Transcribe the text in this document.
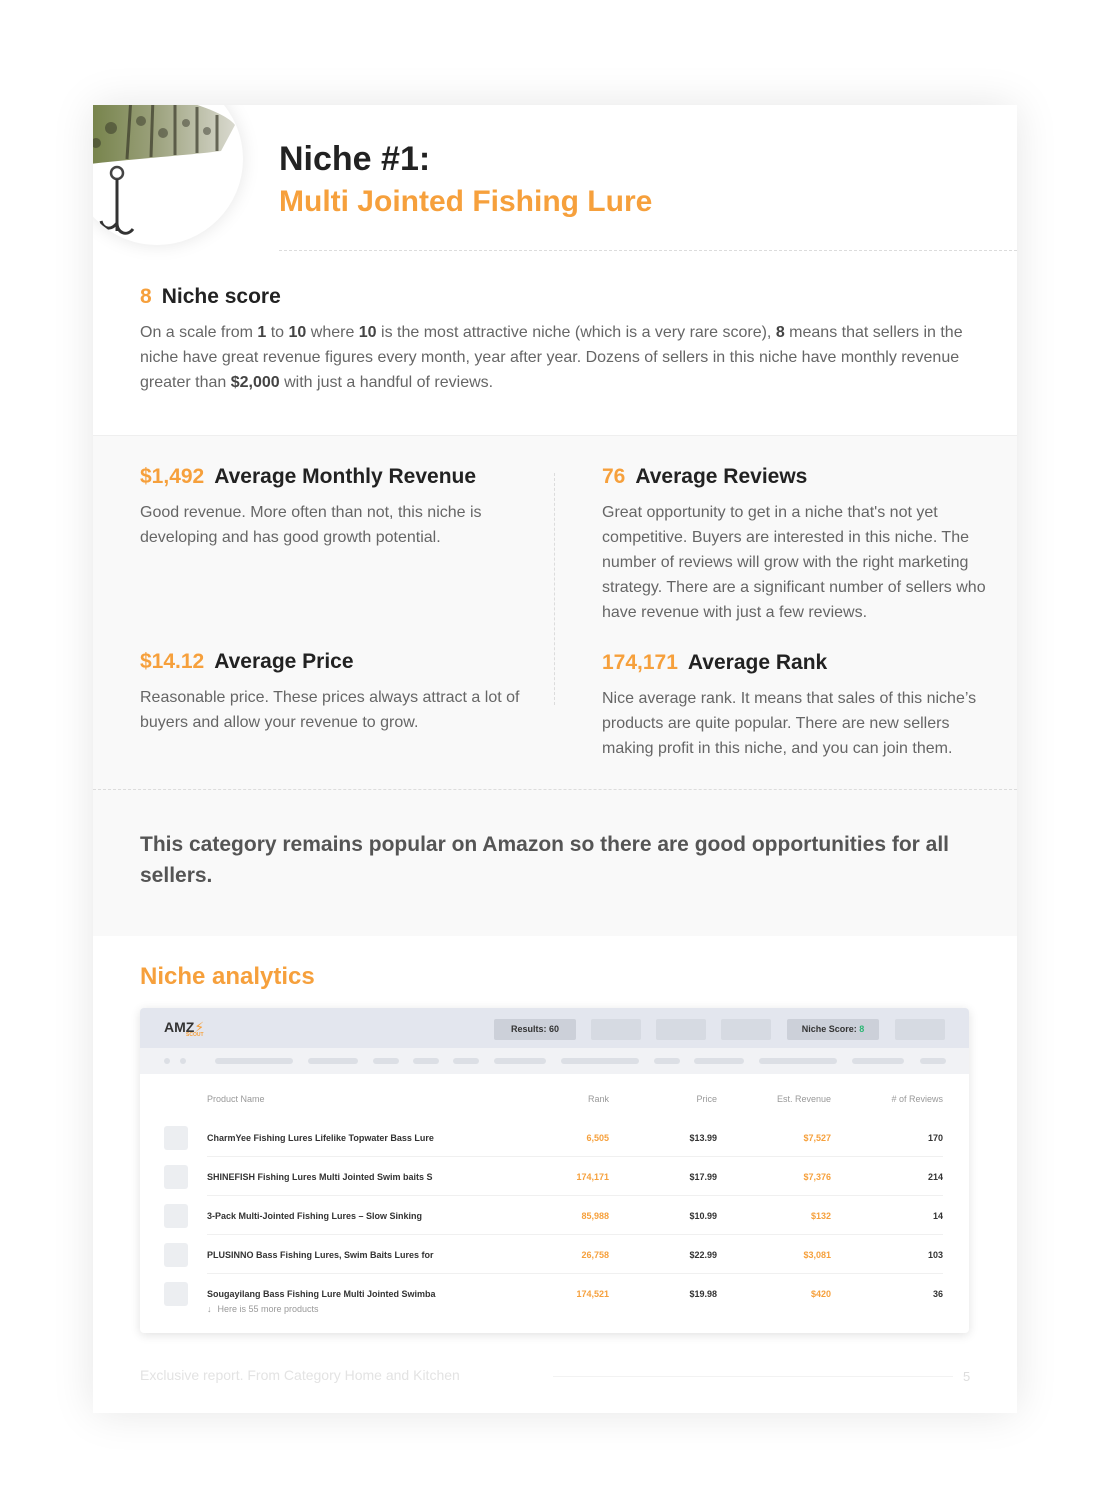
Niche #1:
Multi Jointed Fishing Lure
8 Niche score
On a scale from 1 to 10 where 10 is the most attractive niche (which is a very rare score), 8 means that sellers in the niche have great revenue figures every month, year after year. Dozens of sellers in this niche have monthly revenue greater than $2,000 with just a handful of reviews.
$1,492 Average Monthly Revenue
Good revenue. More often than not, this niche is developing and has good growth potential.
76 Average Reviews
Great opportunity to get in a niche that's not yet competitive. Buyers are interested in this niche. The number of reviews will grow with the right marketing strategy. There are a significant number of sellers who have revenue with just a few reviews.
$14.12 Average Price
Reasonable price. These prices always attract a lot of buyers and allow your revenue to grow.
174,171 Average Rank
Nice average rank. It means that sales of this niche’s products are quite popular. There are new sellers making profit in this niche, and you can join them.
This category remains popular on Amazon so there are good opportunities for all sellers.
Niche analytics
AMZ⚡
SCOUT
Results: 60	Niche Score: 8
Product Name	Rank	Price	Est. Revenue	# of Reviews
CharmYee Fishing Lures Lifelike Topwater Bass Lure	6,505	$13.99	$7,527	170
SHINEFISH Fishing Lures Multi Jointed Swim baits S	174,171	$17.99	$7,376	214
3-Pack Multi-Jointed Fishing Lures – Slow Sinking	85,988	$10.99	$132	14
PLUSINNO Bass Fishing Lures, Swim Baits Lures for	26,758	$22.99	$3,081	103
Sougayilang Bass Fishing Lure Multi Jointed Swimba	174,521	$19.98	$420	36
↓ Here is 55 more products
Exclusive report. From Category Home and Kitchen	5
